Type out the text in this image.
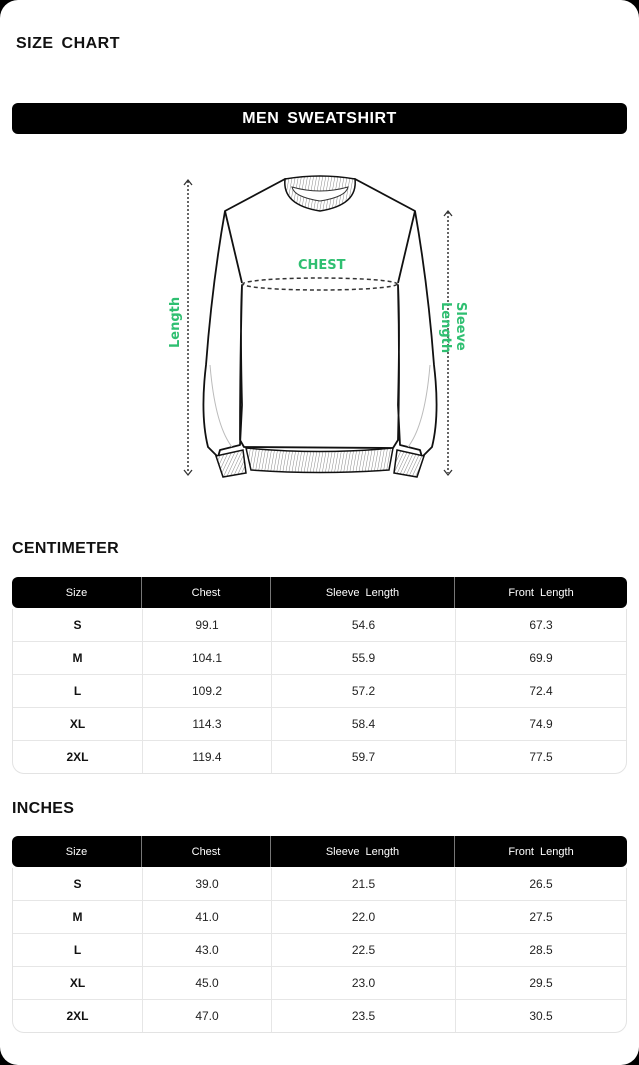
SIZE CHART
MEN SWEATSHIRT
CHEST
Length	Sleeve Length
CENTIMETER
Size	Chest	Sleeve Length	Front Length
S	99.1	54.6	67.3
M	104.1	55.9	69.9
L	109.2	57.2	72.4
XL	114.3	58.4	74.9
2XL	119.4	59.7	77.5
INCHES
Size	Chest	Sleeve Length	Front Length
S	39.0	21.5	26.5
M	41.0	22.0	27.5
L	43.0	22.5	28.5
XL	45.0	23.0	29.5
2XL	47.0	23.5	30.5
